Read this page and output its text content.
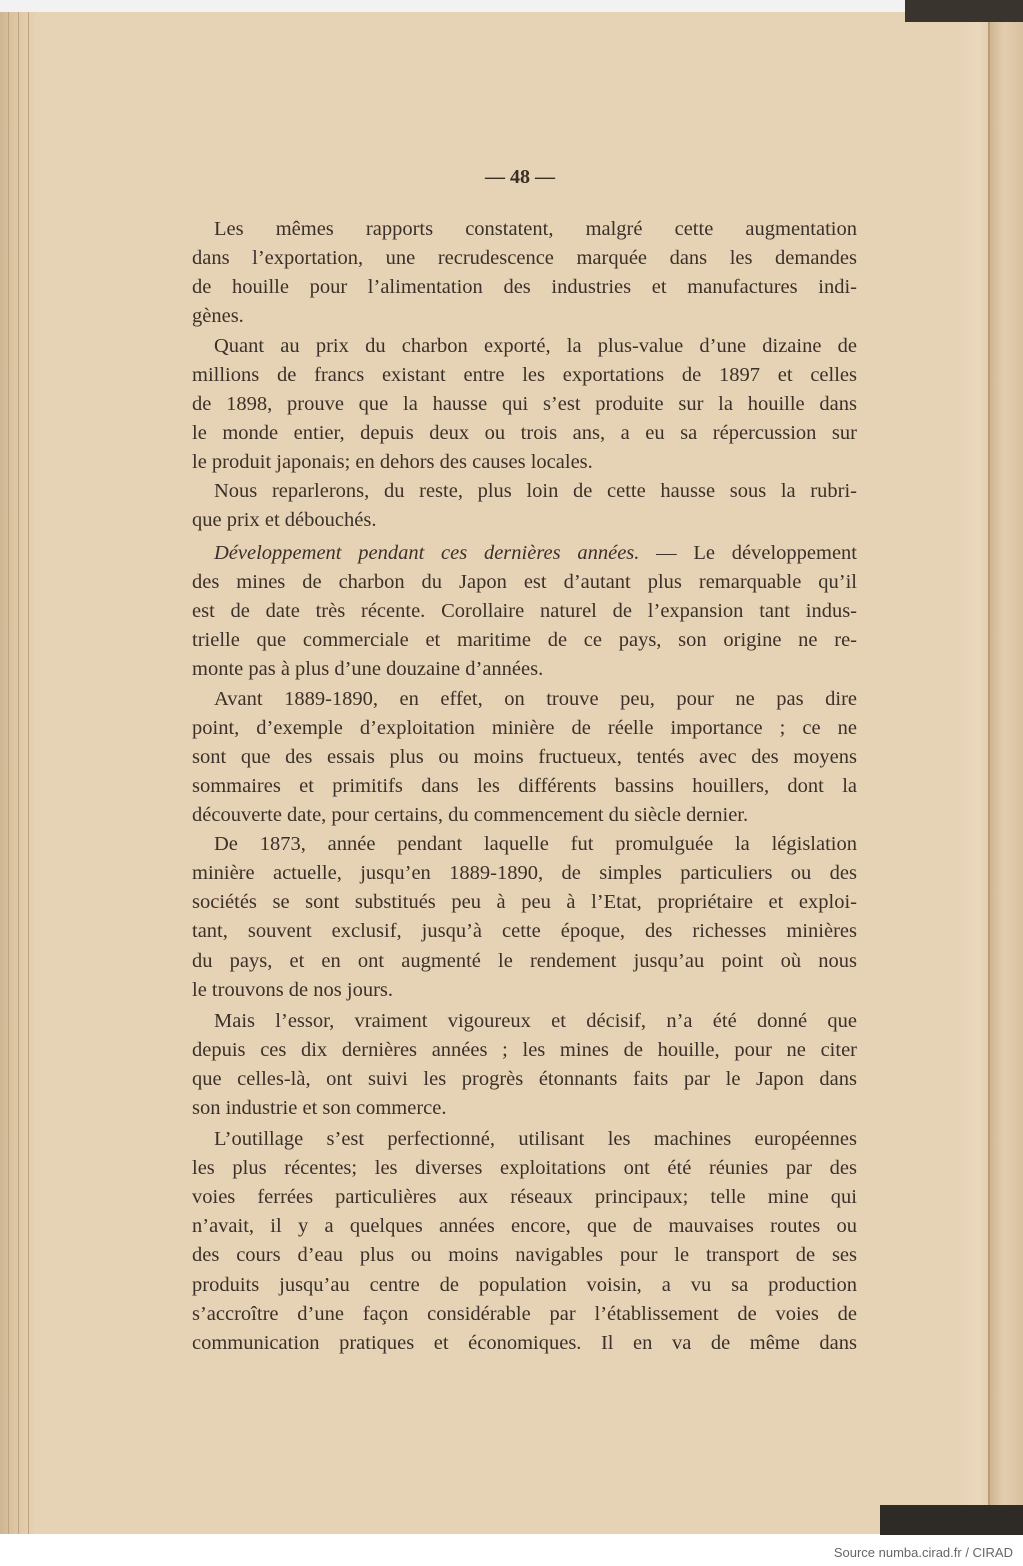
— 48 —
Les mêmes rapports constatent, malgré cette augmentation
dans l’exportation, une recrudescence marquée dans les demandes
de houille pour l’alimentation des industries et manufactures indi-
gènes.
Quant au prix du charbon exporté, la plus-value d’une dizaine de
millions de francs existant entre les exportations de 1897 et celles
de 1898, prouve que la hausse qui s’est produite sur la houille dans
le monde entier, depuis deux ou trois ans, a eu sa répercussion sur
le produit japonais; en dehors des causes locales.
Nous reparlerons, du reste, plus loin de cette hausse sous la rubri-
que prix et débouchés.
Développement pendant ces dernières années. — Le développement
des mines de charbon du Japon est d’autant plus remarquable qu’il
est de date très récente. Corollaire naturel de l’expansion tant indus-
trielle que commerciale et maritime de ce pays, son origine ne re-
monte pas à plus d’une douzaine d’années.
Avant 1889-1890, en effet, on trouve peu, pour ne pas dire
point, d’exemple d’exploitation minière de réelle importance ; ce ne
sont que des essais plus ou moins fructueux, tentés avec des moyens
sommaires et primitifs dans les différents bassins houillers, dont la
découverte date, pour certains, du commencement du siècle dernier.
De 1873, année pendant laquelle fut promulguée la législation
minière actuelle, jusqu’en 1889-1890, de simples particuliers ou des
sociétés se sont substitués peu à peu à l’Etat, propriétaire et exploi-
tant, souvent exclusif, jusqu’à cette époque, des richesses minières
du pays, et en ont augmenté le rendement jusqu’au point où nous
le trouvons de nos jours.
Mais l’essor, vraiment vigoureux et décisif, n’a été donné que
depuis ces dix dernières années ; les mines de houille, pour ne citer
que celles-là, ont suivi les progrès étonnants faits par le Japon dans
son industrie et son commerce.
L’outillage s’est perfectionné, utilisant les machines européennes
les plus récentes; les diverses exploitations ont été réunies par des
voies ferrées particulières aux réseaux principaux; telle mine qui
n’avait, il y a quelques années encore, que de mauvaises routes ou
des cours d’eau plus ou moins navigables pour le transport de ses
produits jusqu’au centre de population voisin, a vu sa production
s’accroître d’une façon considérable par l’établissement de voies de
communication pratiques et économiques. Il en va de même dans
Source numba.cirad.fr / CIRAD
